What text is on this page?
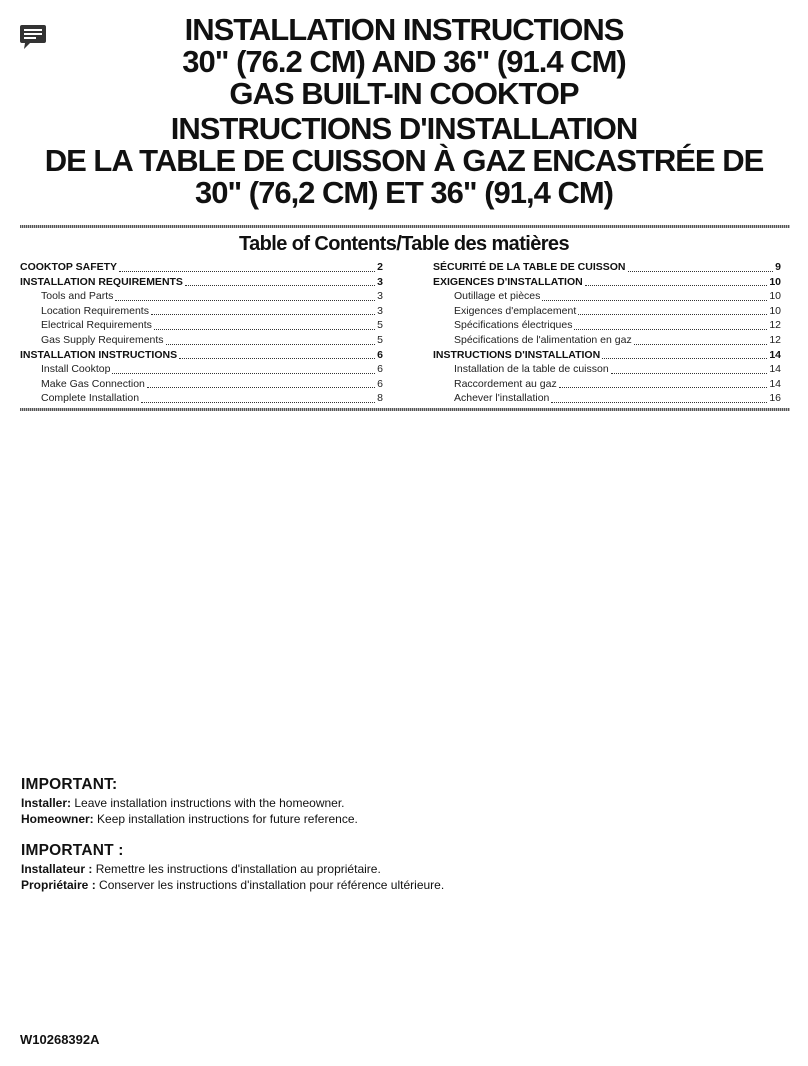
INSTALLATION INSTRUCTIONS
30" (76.2 CM) AND 36" (91.4 CM)
GAS BUILT-IN COOKTOP
INSTRUCTIONS D'INSTALLATION
DE LA TABLE DE CUISSON À GAZ ENCASTRÉE DE
30" (76,2 CM) ET 36" (91,4 CM)
Table of Contents/Table des matières
COOKTOP SAFETY	2
INSTALLATION REQUIREMENTS	3
Tools and Parts	3
Location Requirements	3
Electrical Requirements	5
Gas Supply Requirements	5
INSTALLATION INSTRUCTIONS	6
Install Cooktop	6
Make Gas Connection	6
Complete Installation	8
SÉCURITÉ DE LA TABLE DE CUISSON	9
EXIGENCES D'INSTALLATION	10
Outillage et pièces	10
Exigences d'emplacement	10
Spécifications électriques	12
Spécifications de l'alimentation en gaz	12
INSTRUCTIONS D'INSTALLATION	14
Installation de la table de cuisson	14
Raccordement au gaz	14
Achever l'installation	16
IMPORTANT:
Installer: Leave installation instructions with the homeowner.
Homeowner: Keep installation instructions for future reference.
IMPORTANT :
Installateur : Remettre les instructions d'installation au propriétaire.
Propriétaire : Conserver les instructions d'installation pour référence ultérieure.
W10268392A
